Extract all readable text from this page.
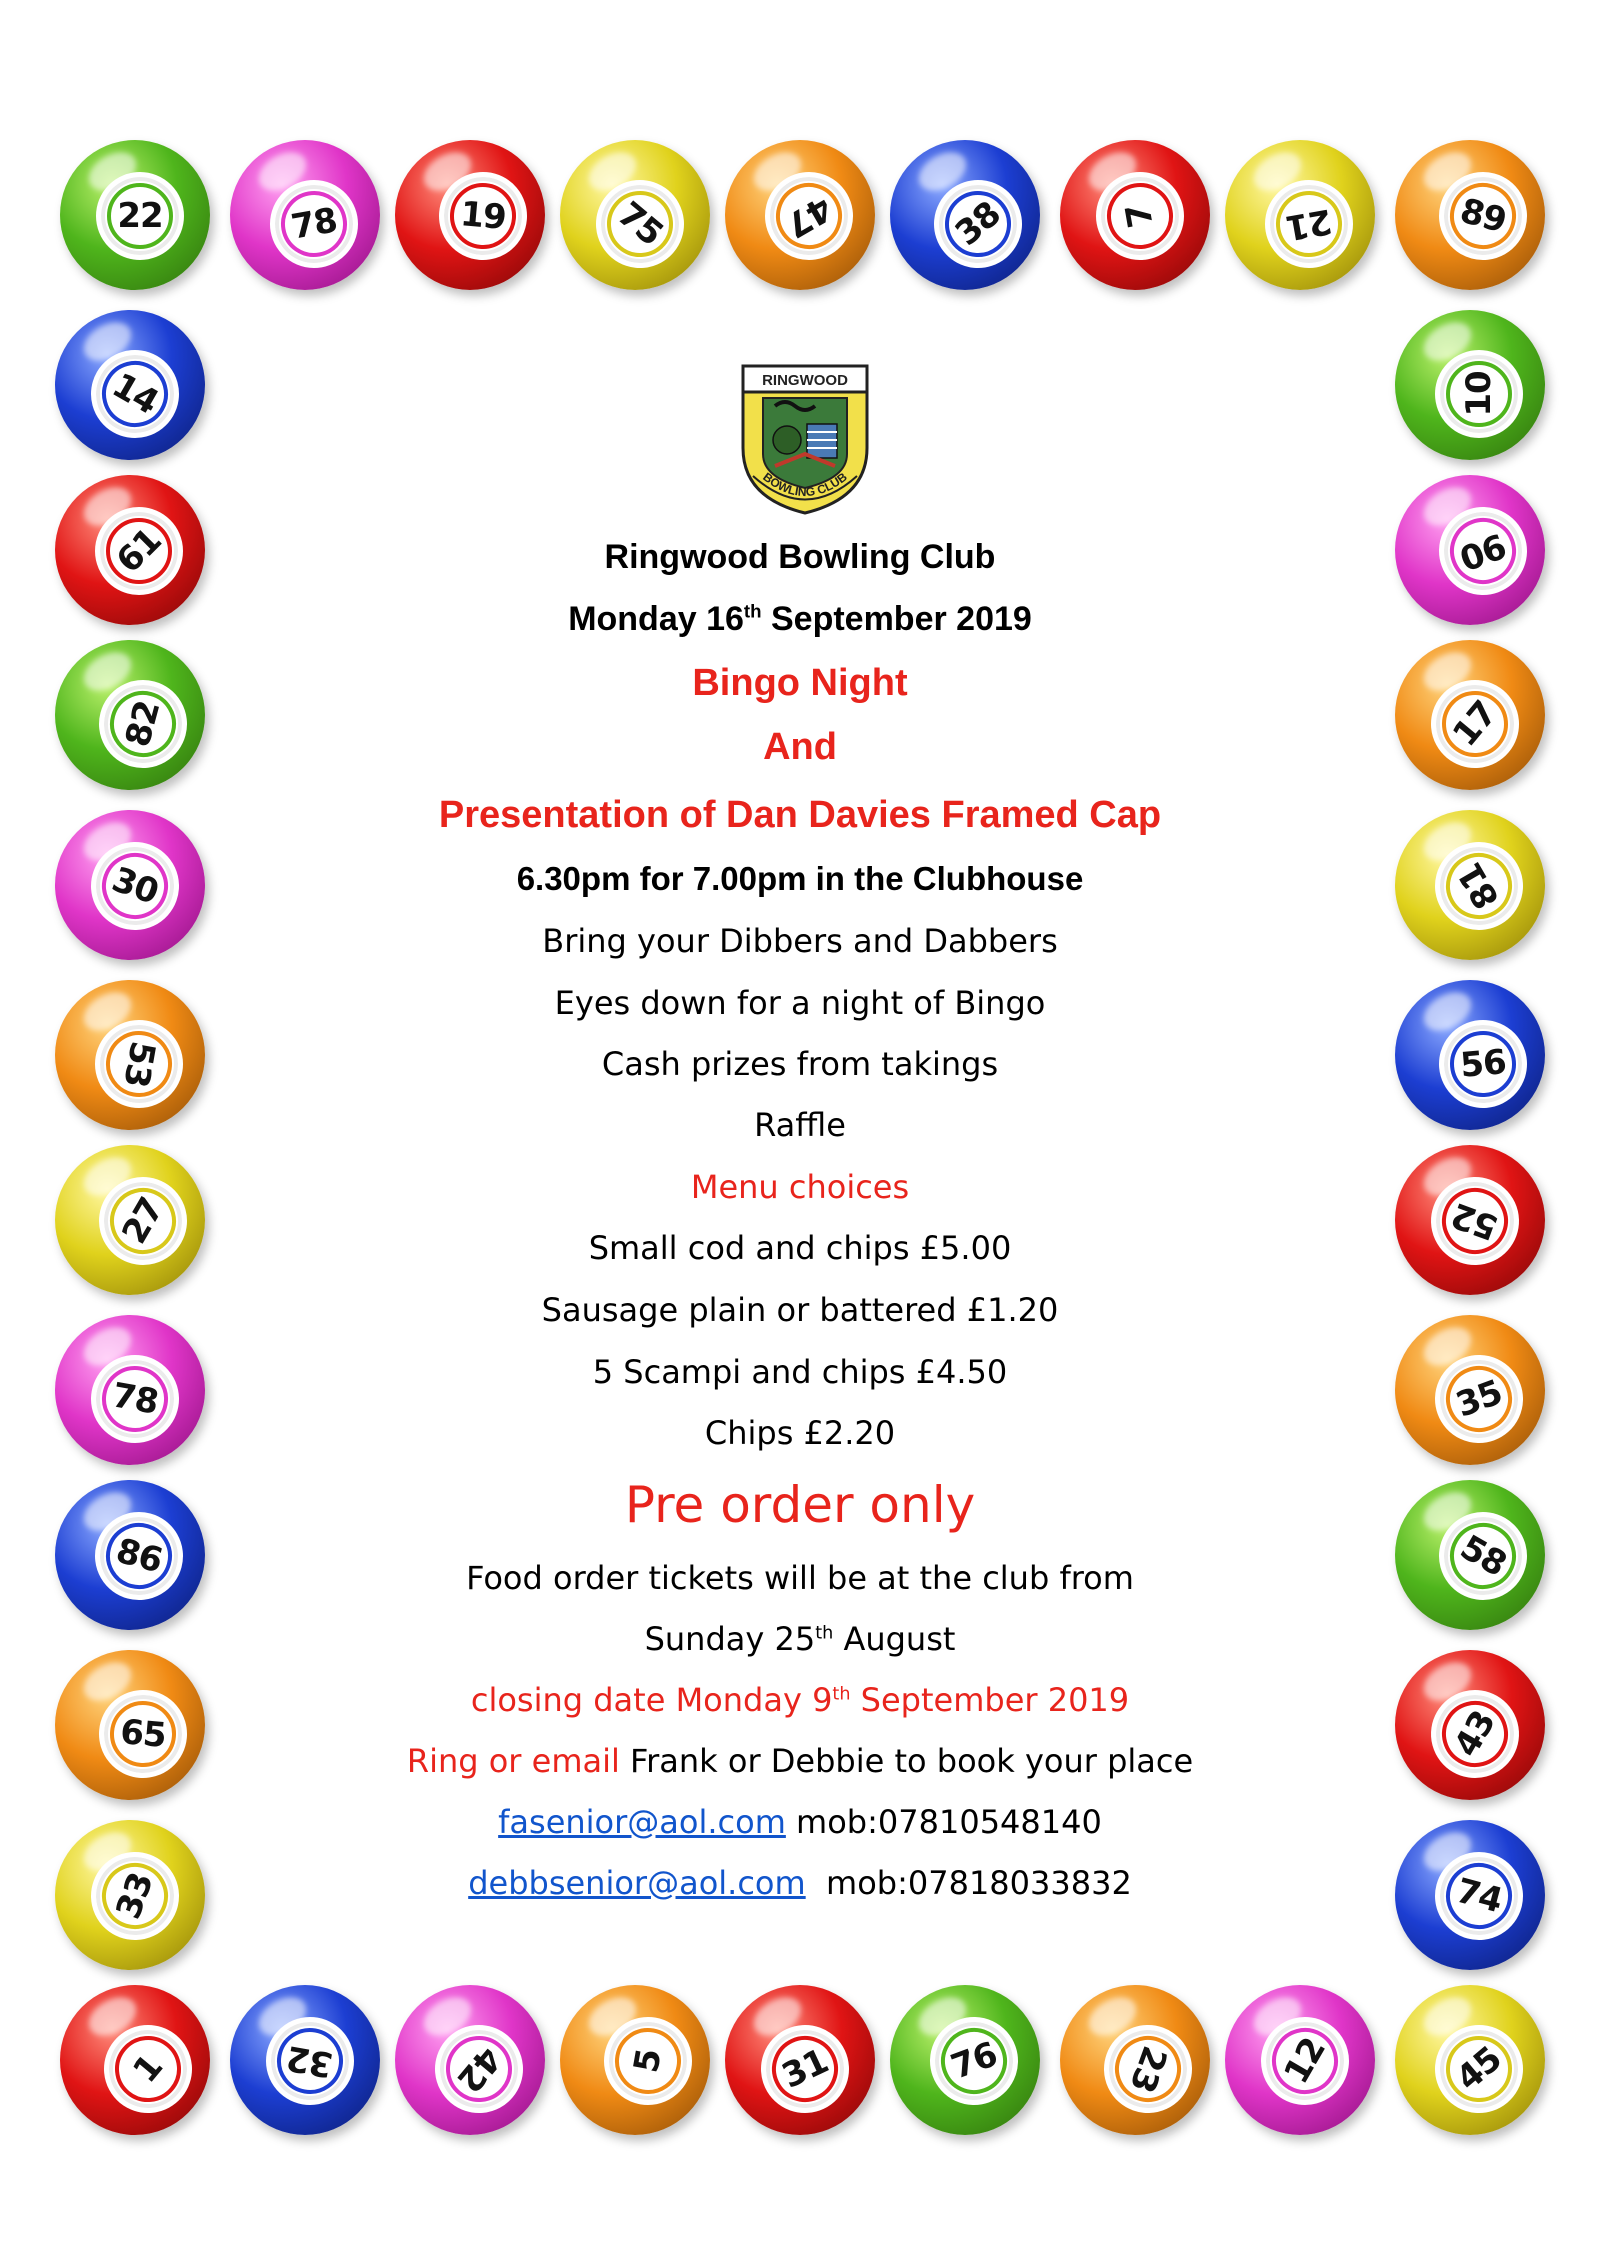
22	78	19	75	47	38	7	21	89
14
61
82
30
53
27
78
86
65
33
10
90
17
81
56
52
35
58
43
74
1	32	42	5	31	76	23	12	45
RINGWOOD
BOWLING CLUB
Ringwood Bowling Club
Monday 16th September 2019
Bingo Night
And
Presentation of Dan Davies Framed Cap
6.30pm for 7.00pm in the Clubhouse
Bring your Dibbers and Dabbers
Eyes down for a night of Bingo
Cash prizes from takings
Raffle
Menu choices
Small cod and chips £5.00
Sausage plain or battered £1.20
5 Scampi and chips £4.50
Chips £2.20
Pre order only
Food order tickets will be at the club from
Sunday 25th August
closing date Monday 9th September 2019
Ring or email Frank or Debbie to book your place
fasenior@aol.com mob:07810548140
debbsenior@aol.com  mob:07818033832
